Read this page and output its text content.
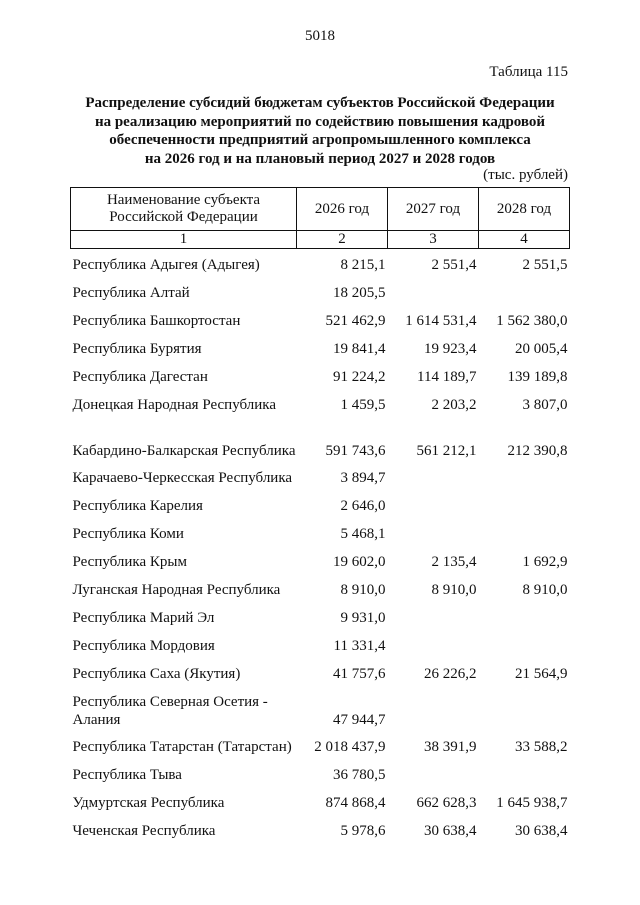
5018
Таблица 115
Распределение субсидий бюджетам субъектов Российской Федерации
на реализацию мероприятий по содействию повышения кадровой
обеспеченности предприятий агропромышленного комплекса
на 2026 год и на плановый период 2027 и 2028 годов
(тыс. рублей)
Наименование субъекта Российской Федерации	2026 год	2027 год	2028 год
1	2	3	4
Республика Адыгея (Адыгея)	8 215,1	2 551,4	2 551,5
Республика Алтай	18 205,5		
Республика Башкортостан	521 462,9	1 614 531,4	1 562 380,0
Республика Бурятия	19 841,4	19 923,4	20 005,4
Республика Дагестан	91 224,2	114 189,7	139 189,8
Донецкая Народная Республика	1 459,5	2 203,2	3 807,0
Кабардино-Балкарская Республика	591 743,6	561 212,1	212 390,8
Карачаево-Черкесская Республика	3 894,7		
Республика Карелия	2 646,0		
Республика Коми	5 468,1		
Республика Крым	19 602,0	2 135,4	1 692,9
Луганская Народная Республика	8 910,0	8 910,0	8 910,0
Республика Марий Эл	9 931,0		
Республика Мордовия	11 331,4		
Республика Саха (Якутия)	41 757,6	26 226,2	21 564,9
Республика Северная Осетия - Алания	47 944,7		
Республика Татарстан (Татарстан)	2 018 437,9	38 391,9	33 588,2
Республика Тыва	36 780,5		
Удмуртская Республика	874 868,4	662 628,3	1 645 938,7
Чеченская Республика	5 978,6	30 638,4	30 638,4
